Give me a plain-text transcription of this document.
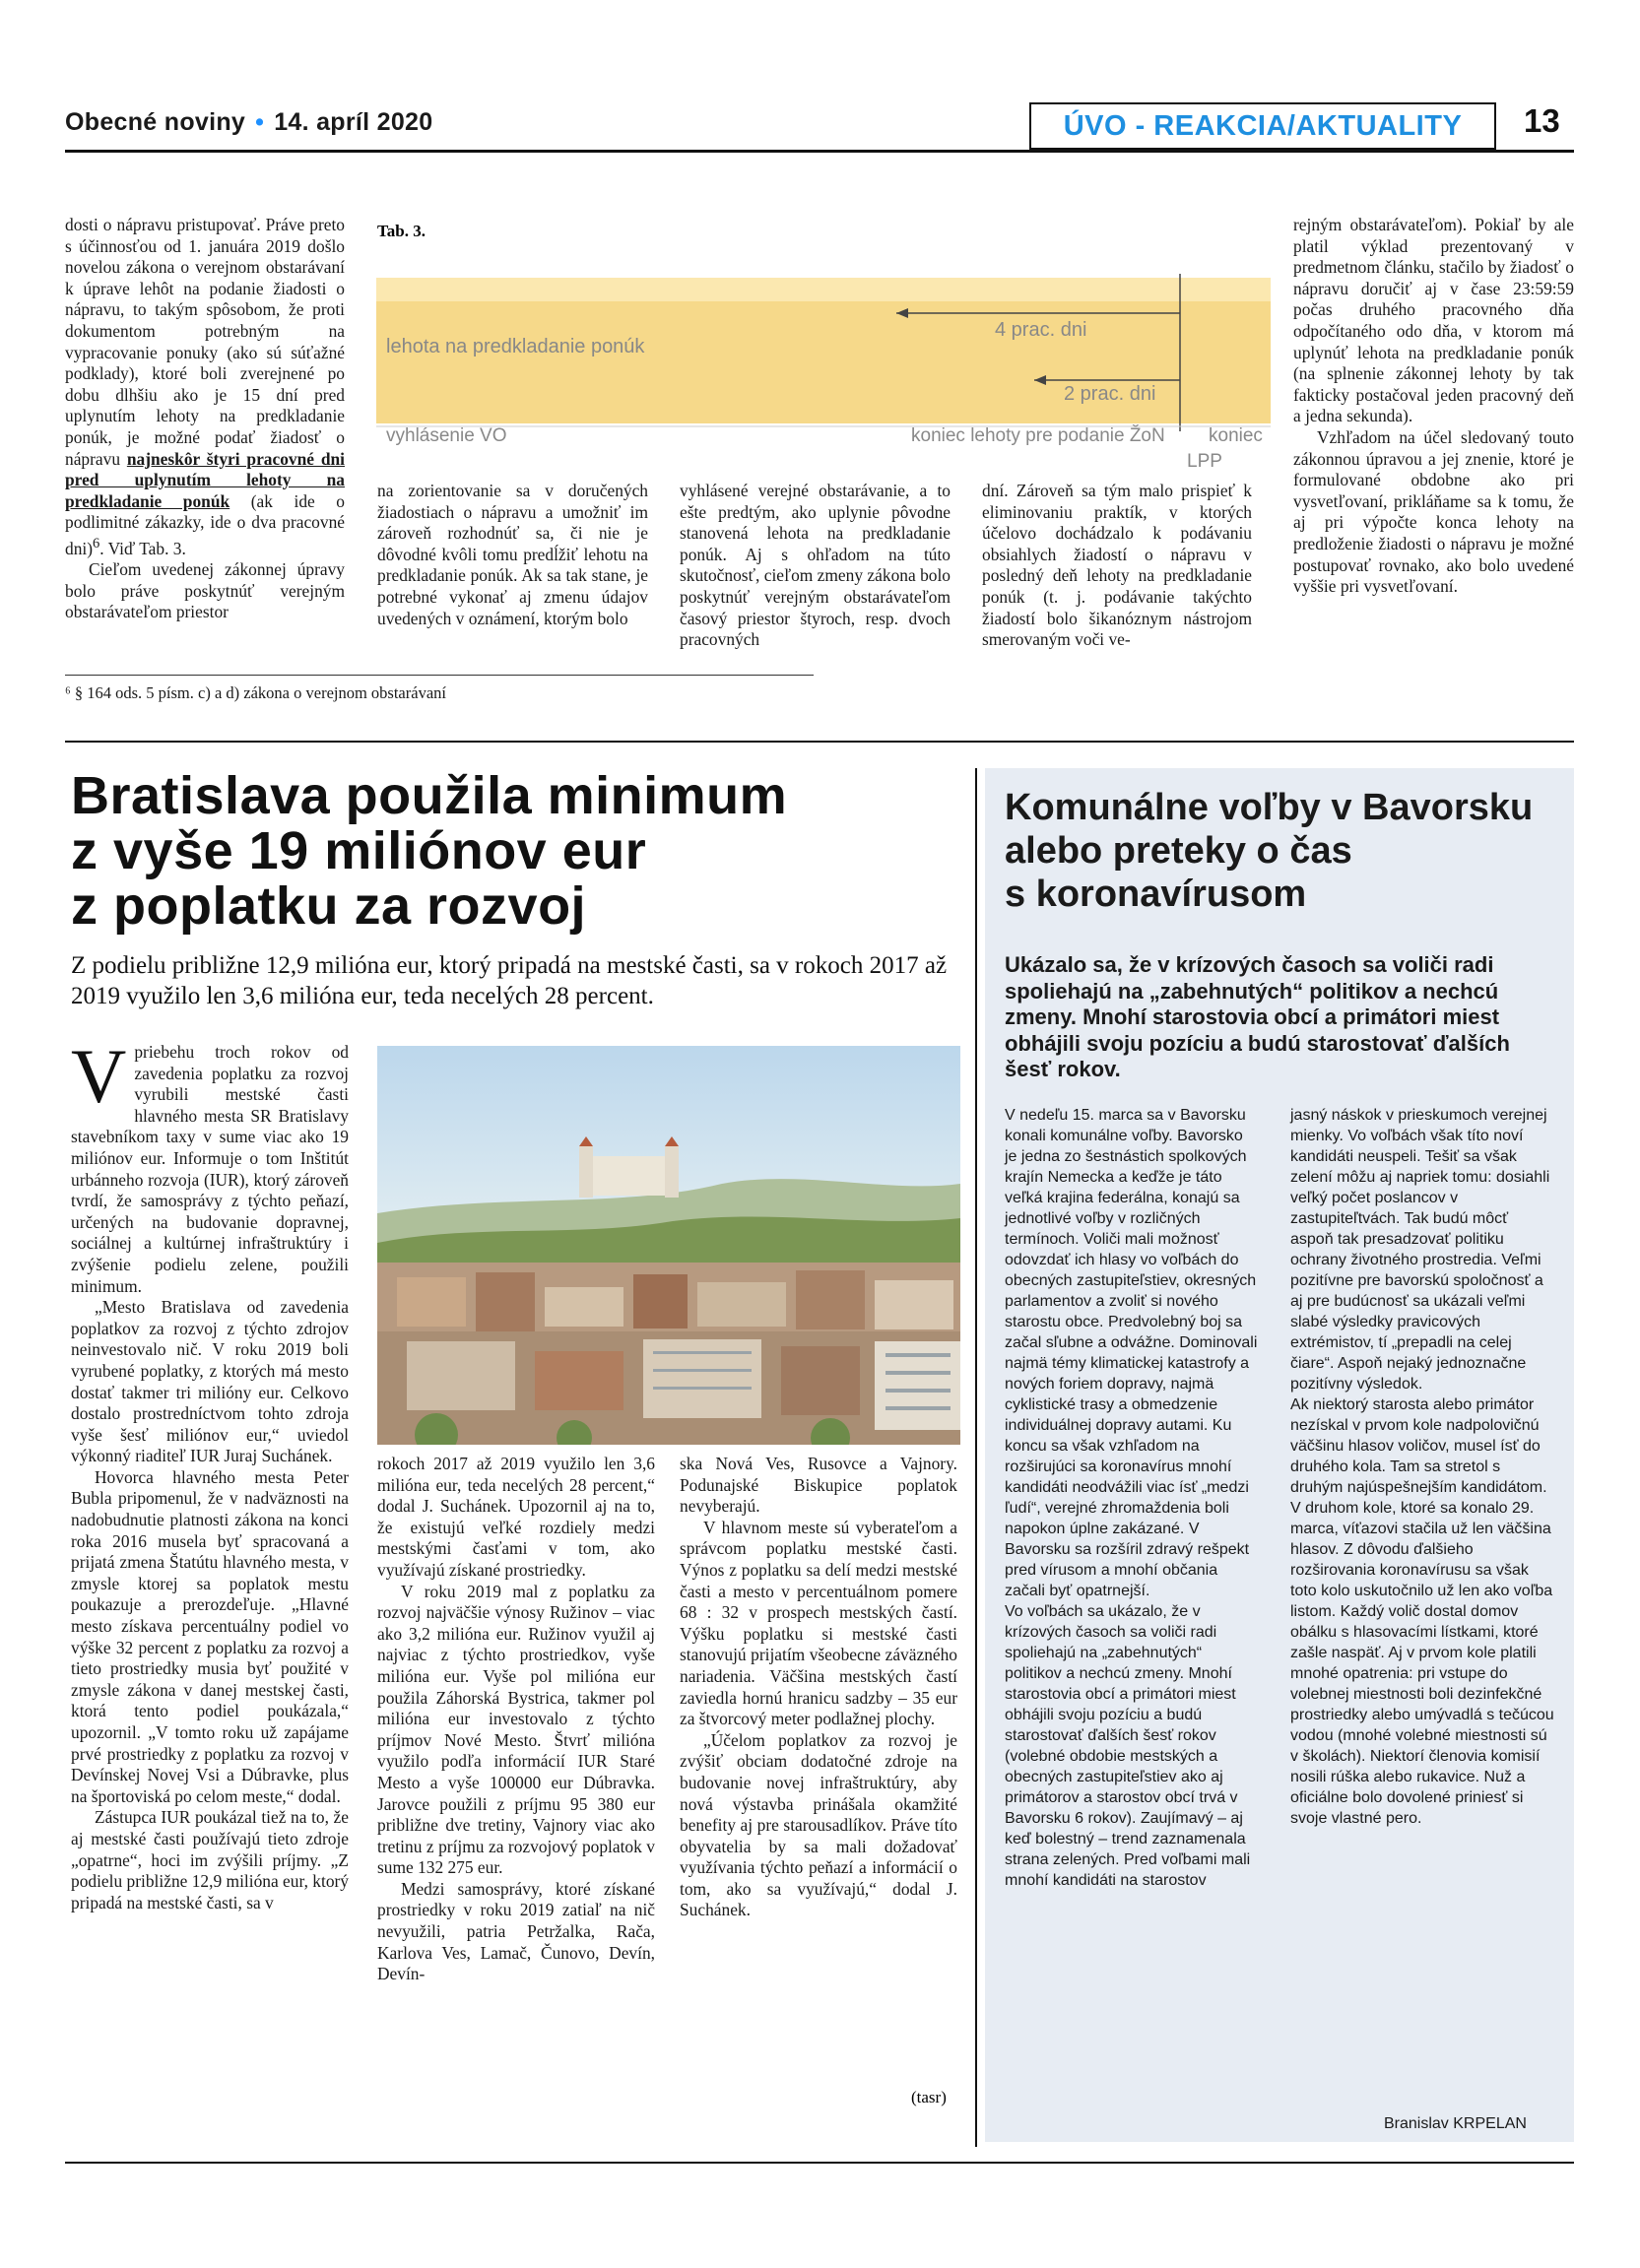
Obecné noviny • 14. apríl 2020	ÚVO - REAKCIA/AKTUALITY	13

dosti o nápravu pristupovať. Práve preto s účinnosťou od 1. januára 2019 došlo novelou zákona o verejnom obstarávaní k úprave lehôt na podanie žiadosti o nápravu, to takým spôsobom, že proti dokumentom potrebným na vypracovanie ponuky (ako sú súťažné podklady), ktoré boli zverejnené po dobu dlhšiu ako je 15 dní pred uplynutím lehoty na predkladanie ponúk, je možné podať žiadosť o nápravu najneskôr štyri pracovné dni pred uplynutím lehoty na predkladanie ponúk (ak ide o podlimitné zákazky, ide o dva pracovné dni)$^6$. Viď Tab. 3.

Cieľom uvedenej zákonnej úpravy bolo práve poskytnúť verejným obstarávateľom priestor

Tab. 3.
lehota na predkladanie ponúk
4 prac. dni
2 prac. dni
vyhlásenie VO	koniec lehoty pre podanie ŽoN koniec
LPP

na zorientovanie sa v doručených žiadostiach o nápravu a umožniť im zároveň rozhodnúť sa, či nie je dôvodné kvôli tomu predĺžiť lehotu na predkladanie ponúk. Ak sa tak stane, je potrebné vykonať aj zmenu údajov uvedených v oznámení, ktorým bolo

vyhlásené verejné obstarávanie, a to ešte predtým, ako uplynie pôvodne stanovená lehota na predkladanie ponúk. Aj s ohľadom na túto skutočnosť, cieľom zmeny zákona bolo poskytnúť verejným obstarávateľom časový priestor štyroch, resp. dvoch pracovných

dní. Zároveň sa tým malo prispieť k eliminovaniu praktík, v ktorých účelovo dochádzalo k podávaniu obsiahlych žiadostí o nápravu v posledný deň lehoty na predkladanie ponúk (t. j. podávanie takýchto žiadostí bolo šikanóznym nástrojom smerovaným voči ve-

rejným obstarávateľom). Pokiaľ by ale platil výklad prezentovaný v predmetnom článku, stačilo by žiadosť o nápravu doručiť aj v čase 23:59:59 počas druhého pracovného dňa odpočítaného odo dňa, v ktorom má uplynúť lehota na predkladanie ponúk (na splnenie zákonnej lehoty by tak fakticky postačoval jeden pracovný deň a jedna sekunda).

Vzhľadom na účel sledovaný touto zákonnou úpravou a jej znenie, ktoré je formulované obdobne ako pri vysvetľovaní, prikláňame sa k tomu, že aj pri výpočte konca lehoty na predloženie žiadosti o nápravu je možné postupovať rovnako, ako bolo uvedené vyššie pri vysvetľovaní.

⁶ § 164 ods. 5 písm. c) a d) zákona o verejnom obstarávaní
Bratislava použila minimum
z vyše 19 miliónov eur
z poplatku za rozvoj
Z podielu približne 12,9 milióna eur, ktorý pripadá na mestské časti, sa v rokoch 2017 až 2019 využilo len 3,6 milióna eur, teda necelých 28 percent.

Vpriebehu troch rokov od zavedenia poplatku za rozvoj vyrubili mestské časti hlavného mesta SR Bratislavy stavebníkom taxy v sume viac ako 19 miliónov eur. Informuje o tom Inštitút urbánneho rozvoja (IUR), ktorý zároveň tvrdí, že samosprávy z týchto peňazí, určených na budovanie dopravnej, sociálnej a kultúrnej infraštruktúry i zvýšenie podielu zelene, použili minimum.

„Mesto Bratislava od zavedenia poplatkov za rozvoj z týchto zdrojov neinvestovalo nič. V roku 2019 boli vyrubené poplatky, z ktorých má mesto dostať takmer tri milióny eur. Celkovo dostalo prostredníctvom tohto zdroja vyše šesť miliónov eur,“ uviedol výkonný riaditeľ IUR Juraj Suchánek.

Hovorca hlavného mesta Peter Bubla pripomenul, že v nadväznosti na nadobudnutie platnosti zákona na konci roka 2016 musela byť spracovaná a prijatá zmena Štatútu hlavného mesta, v zmysle ktorej sa poplatok mestu poukazuje a prerozdeľuje. „Hlavné mesto získava percentuálny podiel vo výške 32 percent z poplatku za rozvoj a tieto prostriedky musia byť použité v zmysle zákona v danej mestskej časti, ktorá tento podiel poukázala,“ upozornil. „V tomto roku už zapájame prvé prostriedky z poplatku za rozvoj v Devínskej Novej Vsi a Dúbravke, plus na športoviská po celom meste,“ dodal.

Zástupca IUR poukázal tiež na to, že aj mestské časti používajú tieto zdroje „opatrne“, hoci im zvýšili príjmy. „Z podielu približne 12,9 milióna eur, ktorý pripadá na mestské časti, sa v

rokoch 2017 až 2019 využilo len 3,6 milióna eur, teda necelých 28 percent,“ dodal J. Suchánek. Upozornil aj na to, že existujú veľké rozdiely medzi mestskými časťami v tom, ako využívajú získané prostriedky.

V roku 2019 mal z poplatku za rozvoj najväčšie výnosy Ružinov – viac ako 3,2 milióna eur. Ružinov využil aj najviac z týchto prostriedkov, vyše milióna eur. Vyše pol milióna eur použila Záhorská Bystrica, takmer pol milióna eur investovalo z týchto príjmov Nové Mesto. Štvrť milióna využilo podľa informácií IUR Staré Mesto a vyše 100000 eur Dúbravka. Jarovce použili z príjmu 95 380 eur približne dve tretiny, Vajnory viac ako tretinu z príjmu za rozvojový poplatok v sume 132 275 eur.

Medzi samosprávy, ktoré získané prostriedky v roku 2019 zatiaľ na nič nevyužili, patria Petržalka, Rača, Karlova Ves, Lamač, Čunovo, Devín, Devín-

ska Nová Ves, Rusovce a Vajnory. Podunajské Biskupice poplatok nevyberajú.

V hlavnom meste sú vyberateľom a správcom poplatku mestské časti. Výnos z poplatku sa delí medzi mestské časti a mesto v percentuálnom pomere 68 : 32 v prospech mestských častí. Výšku poplatku si mestské časti stanovujú prijatím všeobecne záväzného nariadenia. Väčšina mestských častí zaviedla hornú hranicu sadzby – 35 eur za štvorcový meter podlažnej plochy.

„Účelom poplatkov za rozvoj je zvýšiť obciam dodatočné zdroje na budovanie novej infraštruktúry, aby nová výstavba prinášala okamžité benefity aj pre starousadlíkov. Práve títo obyvatelia by sa mali dožadovať využívania týchto peňazí a informácií o tom, ako sa využívajú,“ dodal J. Suchánek.

(tasr)
Komunálne voľby v Bavorsku
alebo preteky o čas
s koronavírusom
Ukázalo sa, že v krízových časoch sa voliči radi spoliehajú na „zabehnutých“ politikov a nechcú zmeny. Mnohí starostovia obcí a primátori miest obhájili svoju pozíciu a budú starostovať ďalších šesť rokov.

V nedeľu 15. marca sa v Bavorsku konali komunálne voľby. Bavorsko je jedna zo šestnástich spolkových krajín Nemecka a keďže je táto veľká krajina federálna, konajú sa jednotlivé voľby v rozličných termínoch. Voliči mali možnosť odovzdať ich hlasy vo voľbách do obecných zastupiteľstiev, okresných parlamentov a zvoliť si nového starostu obce. Predvolebný boj sa začal sľubne a odvážne. Dominovali najmä témy klimatickej katastrofy a nových foriem dopravy, najmä cyklistické trasy a obmedzenie individuálnej dopravy autami. Ku koncu sa však vzhľadom na rozširujúci sa koronavírus mnohí kandidáti neodvážili viac ísť „medzi ľudí“, verejné zhromaždenia boli napokon úplne zakázané. V Bavorsku sa rozšíril zdravý rešpekt pred vírusom a mnohí občania začali byť opatrnejší.

Vo voľbách sa ukázalo, že v krízových časoch sa voliči radi spoliehajú na „zabehnutých“ politikov a nechcú zmeny. Mnohí starostovia obcí a primátori miest obhájili svoju pozíciu a budú starostovať ďalších šesť rokov (volebné obdobie mestských a obecných zastupiteľstiev ako aj primátorov a starostov obcí trvá v Bavorsku 6 rokov). Zaujímavý – aj keď bolestný – trend zaznamenala strana zelených. Pred voľbami mali mnohí kandidáti na starostov

jasný náskok v prieskumoch verejnej mienky. Vo voľbách však títo noví kandidáti neuspeli. Tešiť sa však zelení môžu aj napriek tomu: dosiahli veľký počet poslancov v zastupiteľtvách. Tak budú môcť aspoň tak presadzovať politiku ochrany životného prostredia. Veľmi pozitívne pre bavorskú spoločnosť a aj pre budúcnosť sa ukázali veľmi slabé výsledky pravicových extrémistov, tí „prepadli na celej čiare“. Aspoň nejaký jednoznačne pozitívny výsledok.

Ak niektorý starosta alebo primátor nezískal v prvom kole nadpolovičnú väčšinu hlasov voličov, musel ísť do druhého kola. Tam sa stretol s druhým najúspešnejším kandidátom. V druhom kole, ktoré sa konalo 29. marca, víťazovi stačila už len väčšina hlasov. Z dôvodu ďalšieho rozširovania koronavírusu sa však toto kolo uskutočnilo už len ako voľba listom. Každý volič dostal domov obálku s hlasovacími lístkami, ktoré zašle naspäť. Aj v prvom kole platili mnohé opatrenia: pri vstupe do volebnej miestnosti boli dezinfekčné prostriedky alebo umývadlá s tečúcou vodou (mnohé volebné miestnosti sú v školách). Niektorí členovia komisií nosili rúška alebo rukavice. Nuž a oficiálne bolo dovolené priniesť si svoje vlastné pero.

Branislav KRPELAN
